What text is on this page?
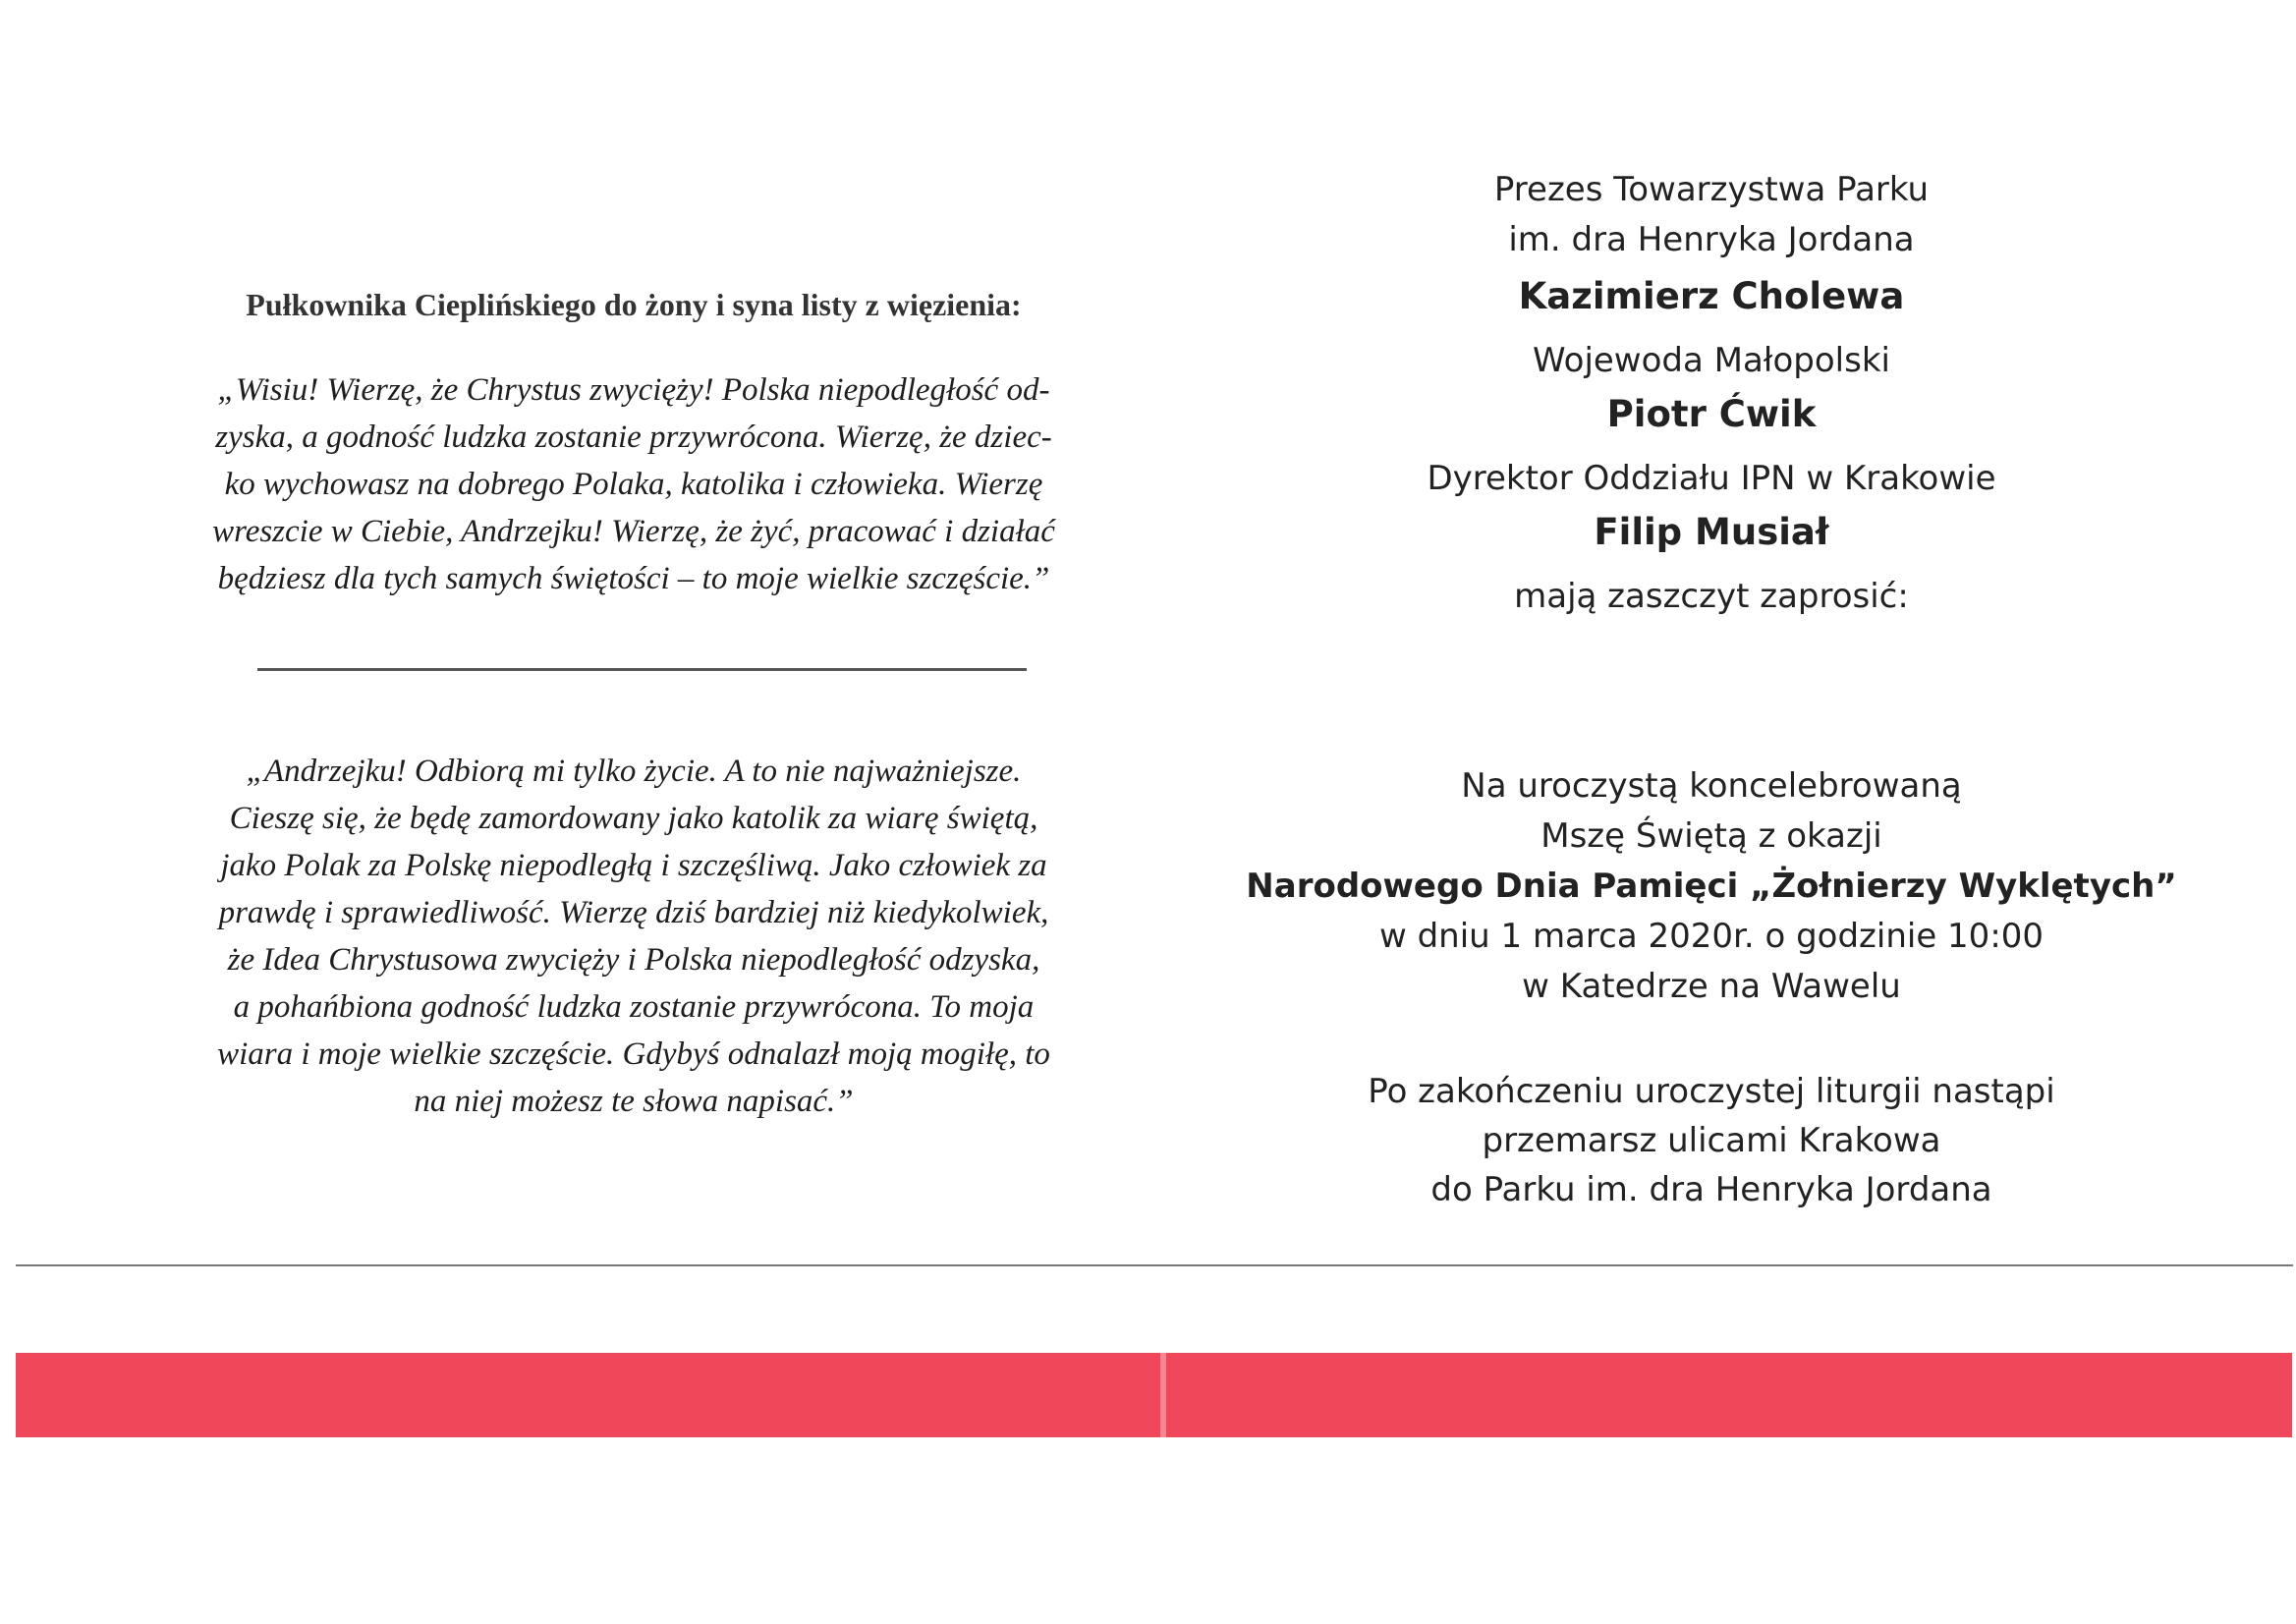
Pułkownika Cieplińskiego do żony i syna listy z więzienia:
„Wisiu! Wierzę, że Chrystus zwycięży! Polska niepodległość od-
zyska, a godność ludzka zostanie przywrócona. Wierzę, że dziec-
ko wychowasz na dobrego Polaka, katolika i człowieka. Wierzę
wreszcie w Ciebie, Andrzejku! Wierzę, że żyć, pracować i działać
będziesz dla tych samych świętości – to moje wielkie szczęście.”
„Andrzejku! Odbiorą mi tylko życie. A to nie najważniejsze.
Cieszę się, że będę zamordowany jako katolik za wiarę świętą,
jako Polak za Polskę niepodległą i szczęśliwą. Jako człowiek za
prawdę i sprawiedliwość. Wierzę dziś bardziej niż kiedykolwiek,
że Idea Chrystusowa zwycięży i Polska niepodległość odzyska,
a pohańbiona godność ludzka zostanie przywrócona. To moja
wiara i moje wielkie szczęście. Gdybyś odnalazł moją mogiłę, to
na niej możesz te słowa napisać.”
Prezes Towarzystwa Parku
im. dra Henryka Jordana
Kazimierz Cholewa
Wojewoda Małopolski
Piotr Ćwik
Dyrektor Oddziału IPN w Krakowie
Filip Musiał
mają zaszczyt zaprosić:
Na uroczystą koncelebrowaną
Mszę Świętą z okazji
Narodowego Dnia Pamięci „Żołnierzy Wyklętych”
w dniu 1 marca 2020r. o godzinie 10:00
w Katedrze na Wawelu
Po zakończeniu uroczystej liturgii nastąpi
przemarsz ulicami Krakowa
do Parku im. dra Henryka Jordana
